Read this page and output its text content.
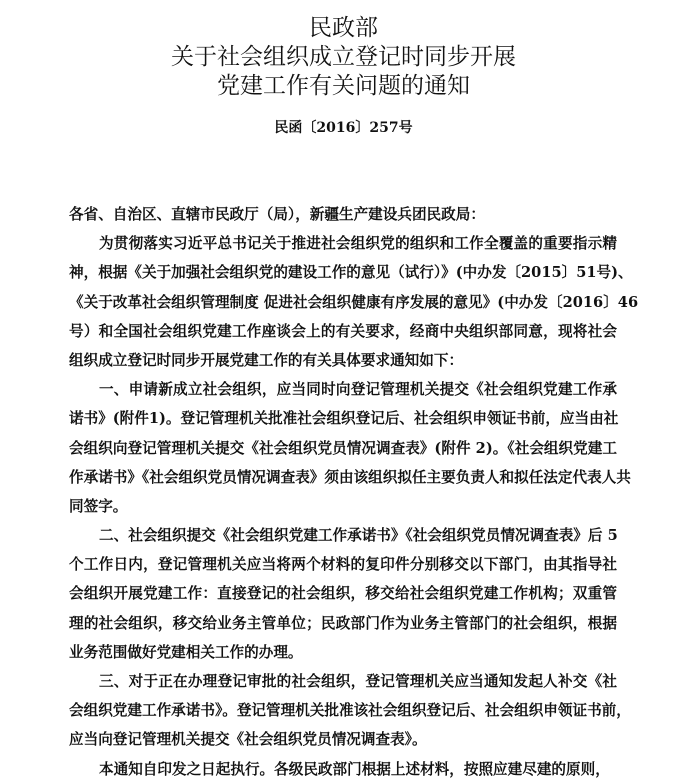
民政部
关于社会组织成立登记时同步开展
党建工作有关问题的通知
民函〔2016〕257号
各省、自治区、直辖市民政厅（局），新疆生产建设兵团民政局：
为贯彻落实习近平总书记关于推进社会组织党的组织和工作全覆盖的重要指示精
神，根据《关于加强社会组织党的建设工作的意见（试行）》(中办发〔2015〕51号)、
《关于改革社会组织管理制度 促进社会组织健康有序发展的意见》(中办发〔2016〕46
号）和全国社会组织党建工作座谈会上的有关要求，经商中央组织部同意，现将社会
组织成立登记时同步开展党建工作的有关具体要求通知如下：
一、申请新成立社会组织，应当同时向登记管理机关提交《社会组织党建工作承
诺书》(附件1)。登记管理机关批准社会组织登记后、社会组织申领证书前，应当由社
会组织向登记管理机关提交《社会组织党员情况调查表》(附件 2)。《社会组织党建工
作承诺书》《社会组织党员情况调查表》须由该组织拟任主要负责人和拟任法定代表人共
同签字。
二、社会组织提交《社会组织党建工作承诺书》《社会组织党员情况调查表》后 5
个工作日内，登记管理机关应当将两个材料的复印件分别移交以下部门，由其指导社
会组织开展党建工作：直接登记的社会组织，移交给社会组织党建工作机构；双重管
理的社会组织，移交给业务主管单位；民政部门作为业务主管部门的社会组织，根据
业务范围做好党建相关工作的办理。
三、对于正在办理登记审批的社会组织，登记管理机关应当通知发起人补交《社
会组织党建工作承诺书》。登记管理机关批准该社会组织登记后、社会组织申领证书前，
应当向登记管理机关提交《社会组织党员情况调查表》。
本通知自印发之日起执行。各级民政部门根据上述材料，按照应建尽建的原则，
